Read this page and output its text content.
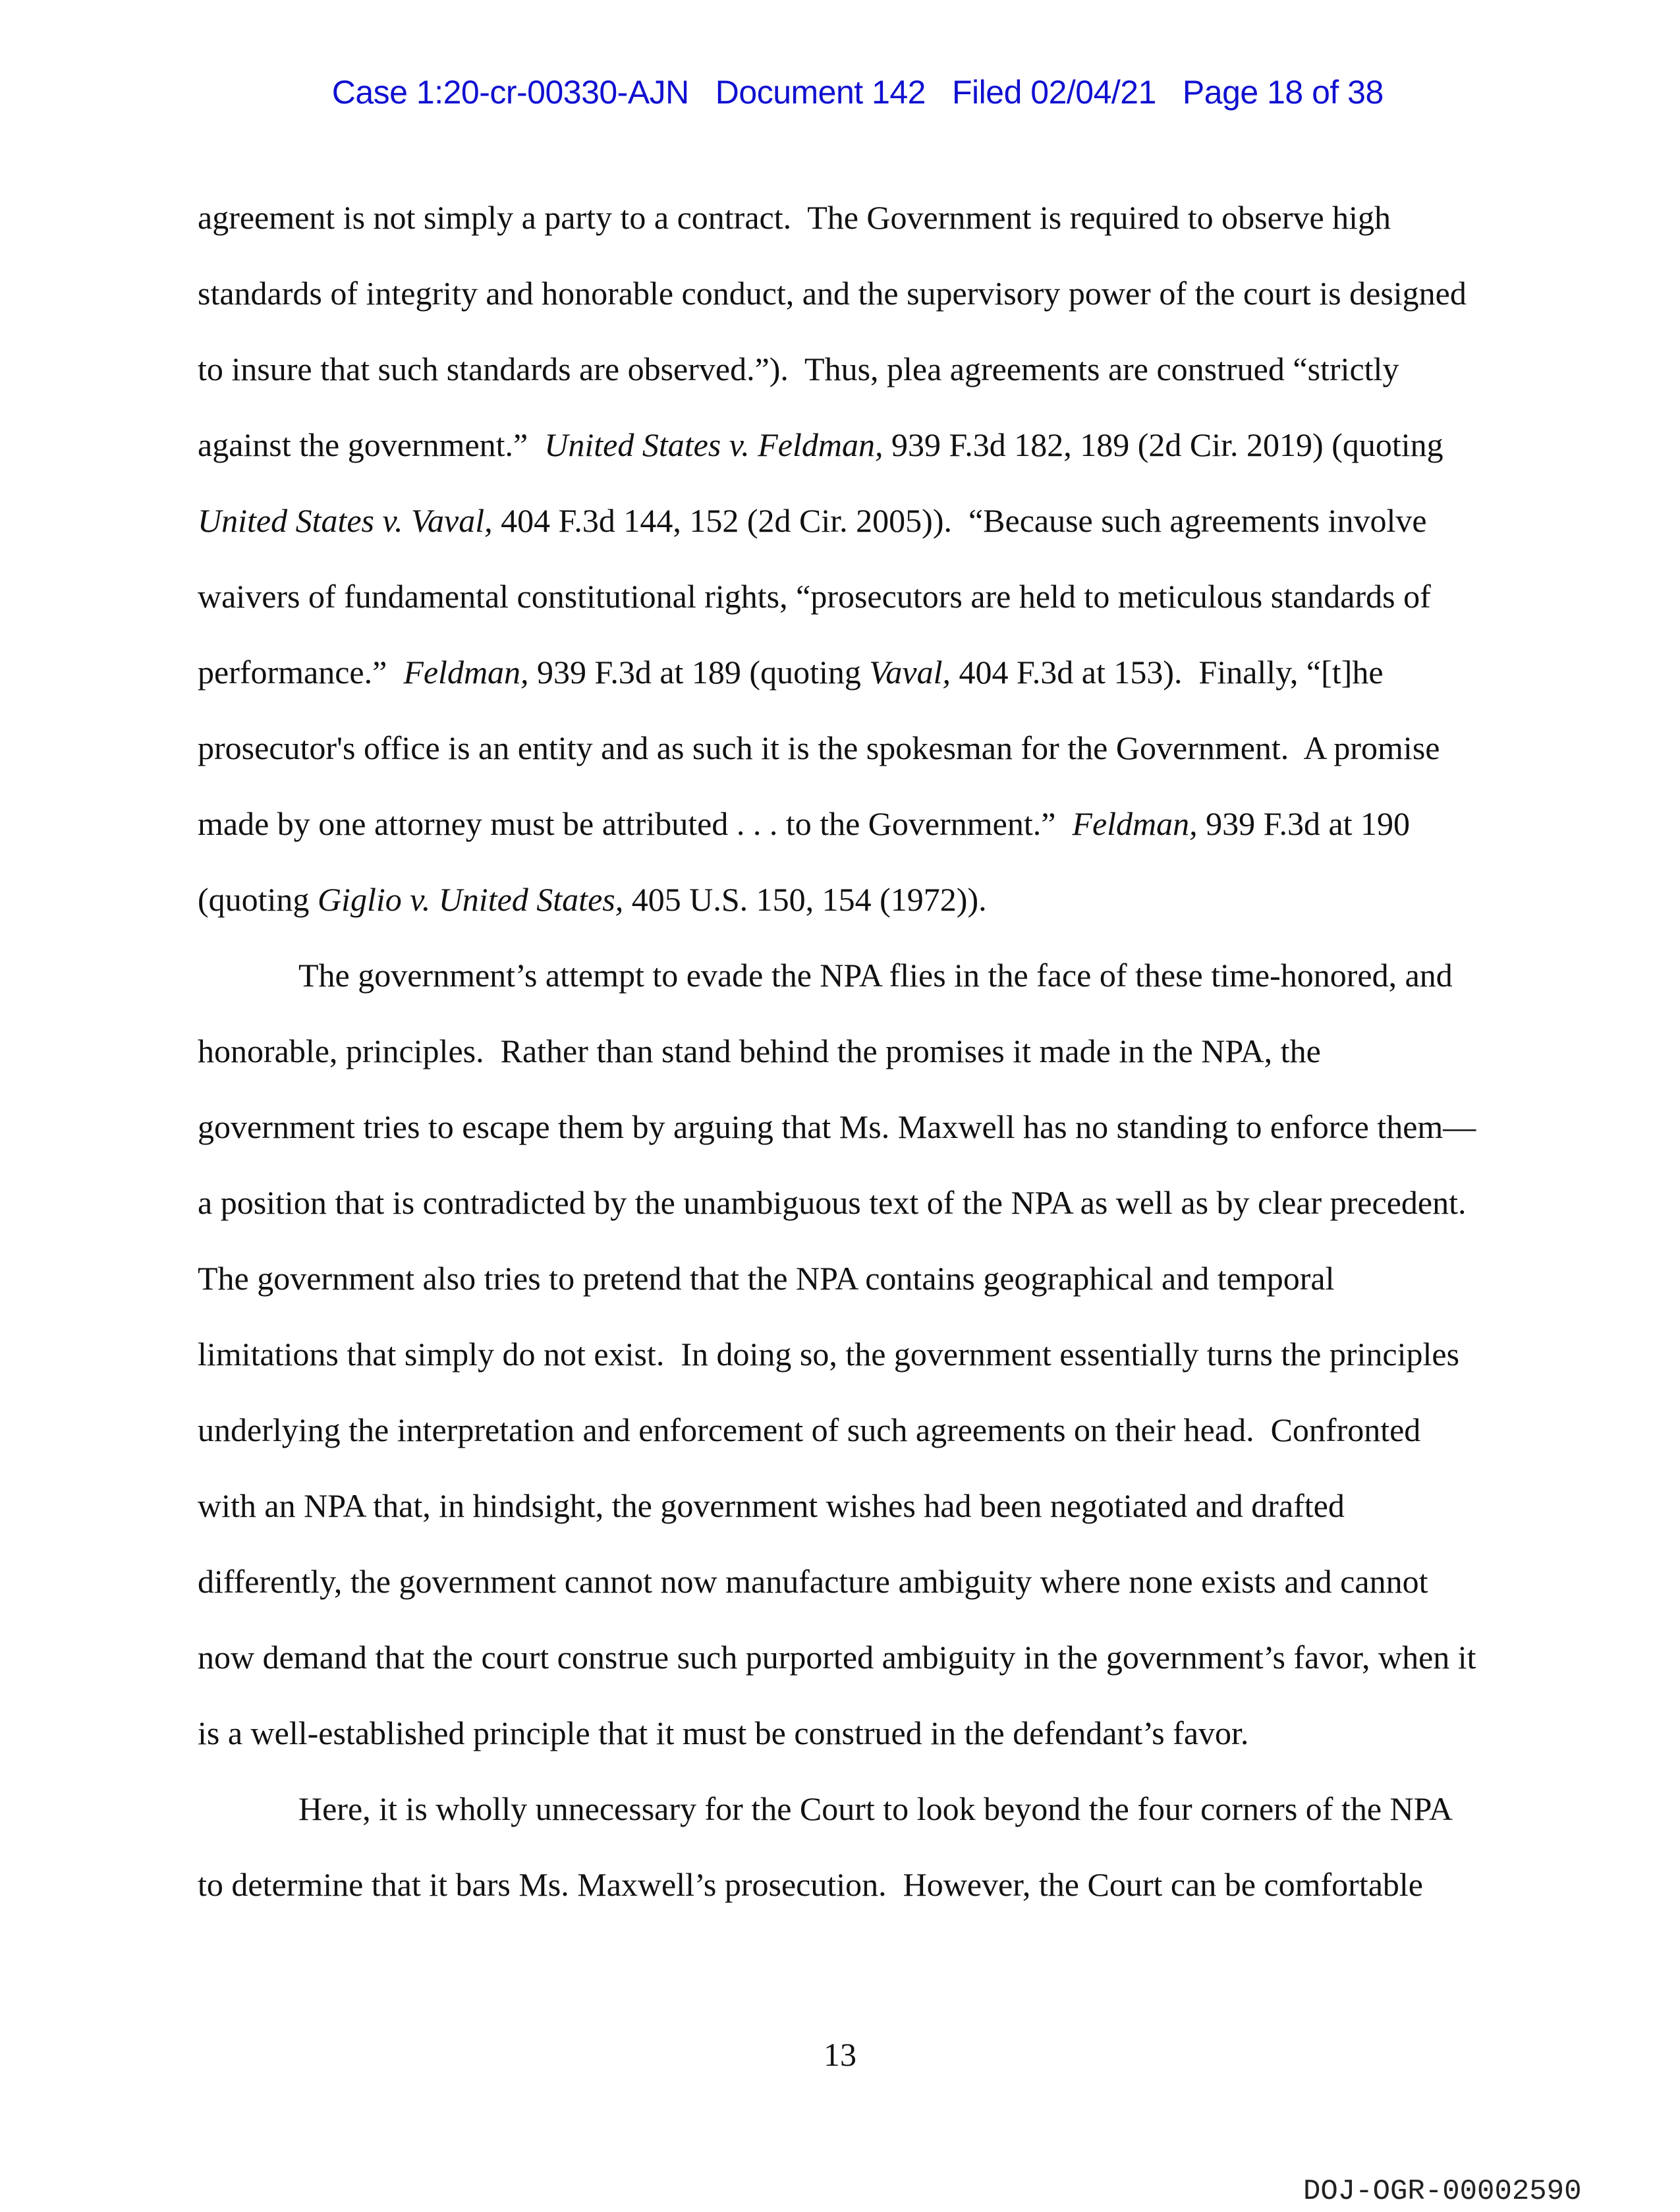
Case 1:20-cr-00330-AJN Document 142 Filed 02/04/21 Page 18 of 38

agreement is not simply a party to a contract.  The Government is required to observe high
standards of integrity and honorable conduct, and the supervisory power of the court is designed
to insure that such standards are observed.”).  Thus, plea agreements are construed “strictly
against the government.”  United States v. Feldman, 939 F.3d 182, 189 (2d Cir. 2019) (quoting
United States v. Vaval, 404 F.3d 144, 152 (2d Cir. 2005)).  “Because such agreements involve
waivers of fundamental constitutional rights, “prosecutors are held to meticulous standards of
performance.”  Feldman, 939 F.3d at 189 (quoting Vaval, 404 F.3d at 153).  Finally, “[t]he
prosecutor's office is an entity and as such it is the spokesman for the Government.  A promise
made by one attorney must be attributed . . . to the Government.”  Feldman, 939 F.3d at 190
(quoting Giglio v. United States, 405 U.S. 150, 154 (1972)).
The government’s attempt to evade the NPA flies in the face of these time-honored, and
honorable, principles.  Rather than stand behind the promises it made in the NPA, the
government tries to escape them by arguing that Ms. Maxwell has no standing to enforce them—
a position that is contradicted by the unambiguous text of the NPA as well as by clear precedent.
The government also tries to pretend that the NPA contains geographical and temporal
limitations that simply do not exist.  In doing so, the government essentially turns the principles
underlying the interpretation and enforcement of such agreements on their head.  Confronted
with an NPA that, in hindsight, the government wishes had been negotiated and drafted
differently, the government cannot now manufacture ambiguity where none exists and cannot
now demand that the court construe such purported ambiguity in the government’s favor, when it
is a well-established principle that it must be construed in the defendant’s favor.
Here, it is wholly unnecessary for the Court to look beyond the four corners of the NPA
to determine that it bars Ms. Maxwell’s prosecution.  However, the Court can be comfortable
13
DOJ-OGR-00002590
